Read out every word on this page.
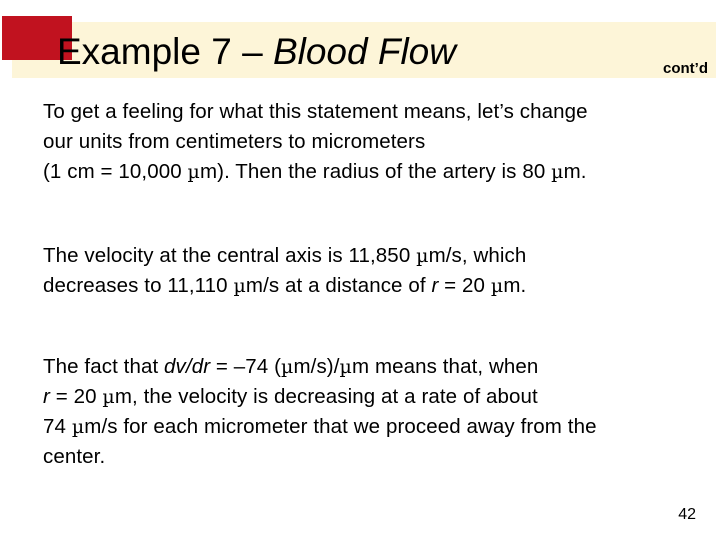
Example 7 – Blood Flow	cont’d

To get a feeling for what this statement means, let’s change
our units from centimeters to micrometers
(1 cm = 10,000 µm). Then the radius of the artery is 80 µm.

The velocity at the central axis is 11,850 µm/s, which
decreases to 11,110 µm/s at a distance of r = 20 µm.

The fact that dv/dr = –74 (µm/s)/µm means that, when
r = 20 µm, the velocity is decreasing at a rate of about
74 µm/s for each micrometer that we proceed away from the
center.

42
